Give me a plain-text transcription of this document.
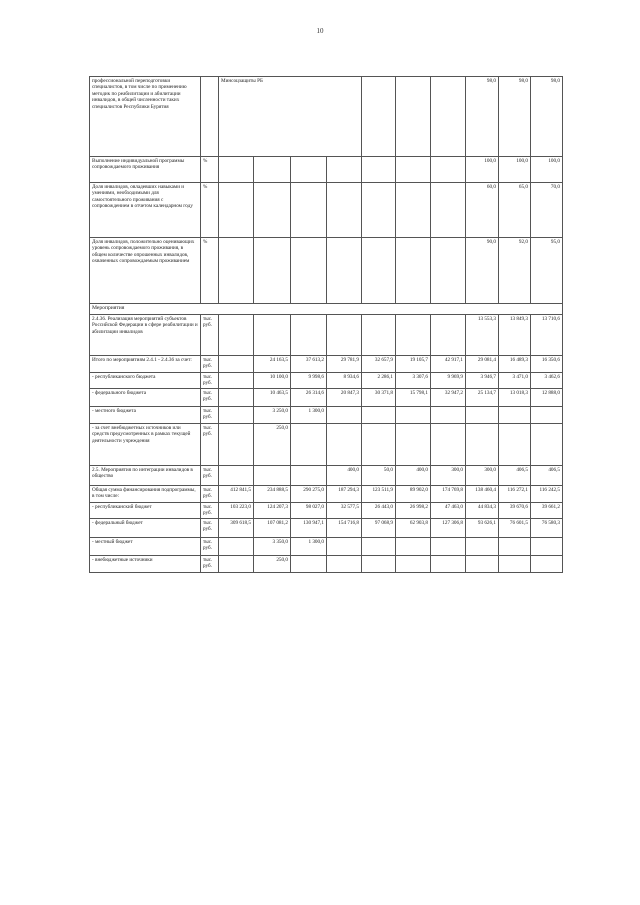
10
профессиональной переподготовки специалистов, в том числе по применению методик по реабилитации и абилитации инвалидов, в общей численности таких специалистов Республики Бурятия		Минсоцзащиты РБ							98,0	98,0	98,0
Выполнение индивидуальной программы сопровождаемого проживания	%								100,0	100,0	100,0
Доля инвалидов, овладевших навыками и умениями, необходимыми для самостоятельного проживания с сопровождением в отчетом календарном году	%								60,0	65,0	70,0
Доля инвалидов, положительно оценивающих уровень сопровождаемого проживания, в общем количестве опрошенных инвалидов, охваченных сопровождаемым проживанием	%								90,0	92,0	95,0
Мероприятия											
2.4.36. Реализация мероприятий субъектов Российской Федерации в сфере реабилитации и абилитации инвалидов	тыс. руб.								13 553,3	13 849,3	13 710,6
Итого по мероприятиям 2.4.1 - 2.4.36 за счет:	тыс. руб.		24 163,5	37 613,2	29 781,9	32 657,9	19 105,7	42 917,1	29 081,4	16 489,3	16 350,6
- республиканского бюджета	тыс. руб.		10 100,0	9 998,6	8 934,6	2 286,1	3 307,6	9 969,9	3 946,7	3 471,0	3 462,6
- федерального бюджета	тыс. руб.		10 463,5	26 314,6	20 847,3	30 371,8	15 798,1	32 947,2	25 134,7	13 018,3	12 888,0
- местного бюджета	тыс. руб.		3 250,0	1 300,0							
- за счет внебюджетных источников или средств предусмотренных в рамках текущей деятельности учреждения	тыс. руб.		250,0								
2.5. Мероприятия по интеграции инвалидов в общество	тыс. руб.				400,0	50,0	400,0	300,0	300,0	406,5	406,5
Общая сумма финансирования подпрограммы, в том числе:	тыс. руб.	412 841,5	234 888,5	290 275,0	187 294,3	123 511,9	89 902,0	174 769,8	138 460,4	116 272,1	116 242,5
- республиканский бюджет	тыс. руб.	103 223,0	124 207,3	98 027,0	32 577,5	26 443,0	26 998,2	47 463,0	44 834,3	39 670,6	39 661,2
- федеральный бюджет	тыс. руб.	309 618,5	107 081,2	130 947,1	154 716,8	97 068,9	62 903,8	127 306,8	93 626,1	76 601,5	76 580,3
- местный бюджет	тыс. руб.		3 350,0	1 300,0							
- внебюджетные источники	тыс. руб.		250,0								
